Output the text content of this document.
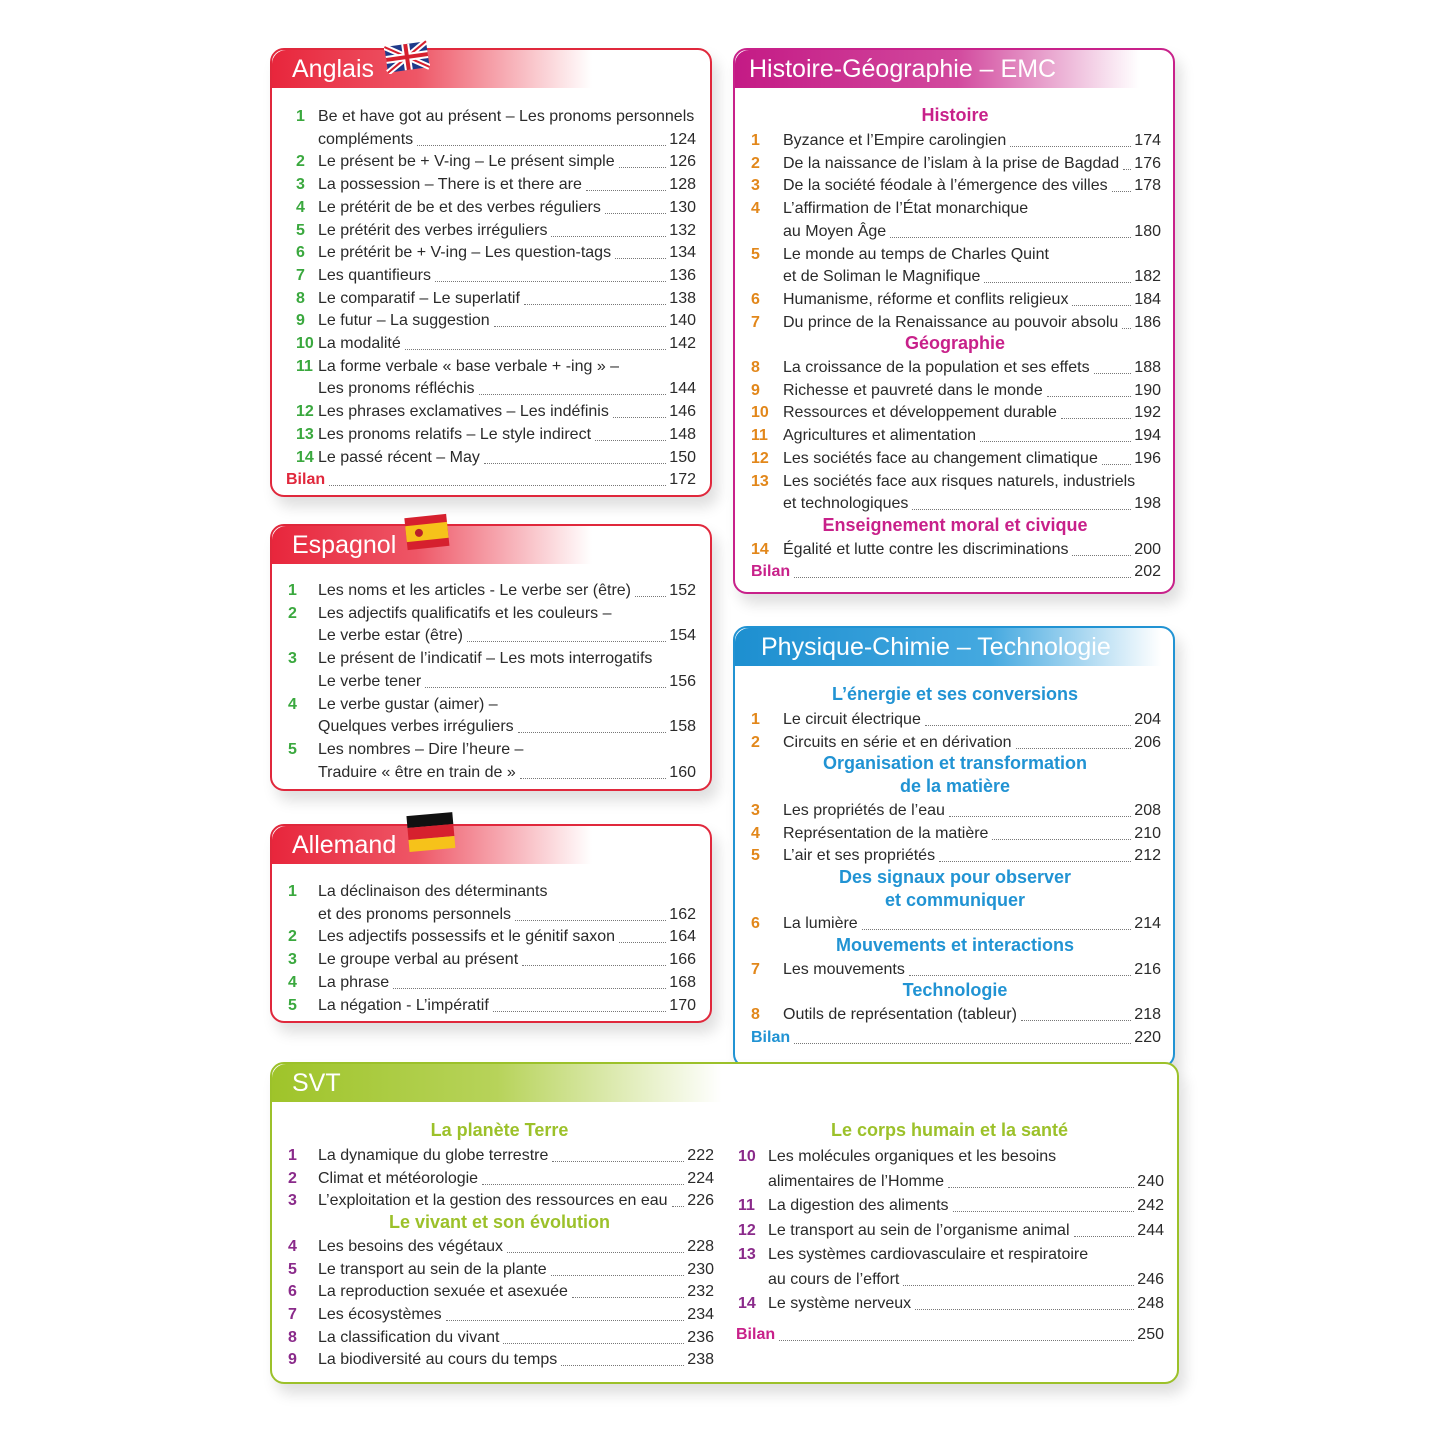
Anglais
1 Be et have got au présent – Les pronoms personnels
compléments	124
2 Le présent be + V-ing – Le présent simple	126
3 La possession – There is et there are	128
4 Le prétérit de be et des verbes réguliers	130
5 Le prétérit des verbes irréguliers	132
6 Le prétérit be + V-ing – Les question-tags	134
7 Les quantifieurs	136
8 Le comparatif – Le superlatif	138
9 Le futur – La suggestion	140
10 La modalité	142
11 La forme verbale « base verbale + -ing » –
Les pronoms réfléchis	144
12 Les phrases exclamatives – Les indéfinis	146
13 Les pronoms relatifs – Le style indirect	148
14 Le passé récent – May	150
Bilan	172
Espagnol
1 Les noms et les articles - Le verbe ser (être)	152
2 Les adjectifs qualificatifs et les couleurs –
Le verbe estar (être)	154
3 Le présent de l’indicatif – Les mots interrogatifs
Le verbe tener	156
4 Le verbe gustar (aimer) –
Quelques verbes irréguliers	158
5 Les nombres – Dire l’heure –
Traduire « être en train de »	160
Allemand
1 La déclinaison des déterminants
et des pronoms personnels	162
2 Les adjectifs possessifs et le génitif saxon	164
3 Le groupe verbal au présent	166
4 La phrase	168
5 La négation - L’impératif	170
Histoire-Géographie – EMC
Histoire
1 Byzance et l’Empire carolingien	174
2 De la naissance de l’islam à la prise de Bagdad 176
3 De la société féodale à l’émergence des villes	178
4 L’affirmation de l’État monarchique
au Moyen Âge	180
5 Le monde au temps de Charles Quint
et de Soliman le Magnifique	182
6 Humanisme, réforme et conflits religieux	184
7 Du prince de la Renaissance au pouvoir absolu 186
Géographie
8 La croissance de la population et ses effets	188
9 Richesse et pauvreté dans le monde	190
10 Ressources et développement durable	192
11 Agricultures et alimentation	194
12 Les sociétés face au changement climatique	196
13 Les sociétés face aux risques naturels, industriels
et technologiques	198
Enseignement moral et civique
14 Égalité et lutte contre les discriminations	200
Bilan	202
Physique-Chimie – Technologie
L’énergie et ses conversions
1 Le circuit électrique	204
2 Circuits en série et en dérivation	206
Organisation et transformation
de la matière
3 Les propriétés de l’eau	208
4 Représentation de la matière	210
5 L’air et ses propriétés	212
Des signaux pour observer
et communiquer
6 La lumière	214
Mouvements et interactions
7 Les mouvements	216
Technologie
8 Outils de représentation (tableur)	218
Bilan	220
SVT
La planète Terre
1 La dynamique du globe terrestre	222
2 Climat et météorologie	224
3 L’exploitation et la gestion des ressources en eau	226
Le vivant et son évolution
4 Les besoins des végétaux	228
5 Le transport au sein de la plante	230
6 La reproduction sexuée et asexuée	232
7 Les écosystèmes	234
8 La classification du vivant	236
9 La biodiversité au cours du temps	238
Le corps humain et la santé
10 Les molécules organiques et les besoins
alimentaires de l’Homme	240
11 La digestion des aliments	242
12 Le transport au sein de l’organisme animal	244
13 Les systèmes cardiovasculaire et respiratoire
au cours de l’effort	246
14 Le système nerveux	248
Bilan	250
